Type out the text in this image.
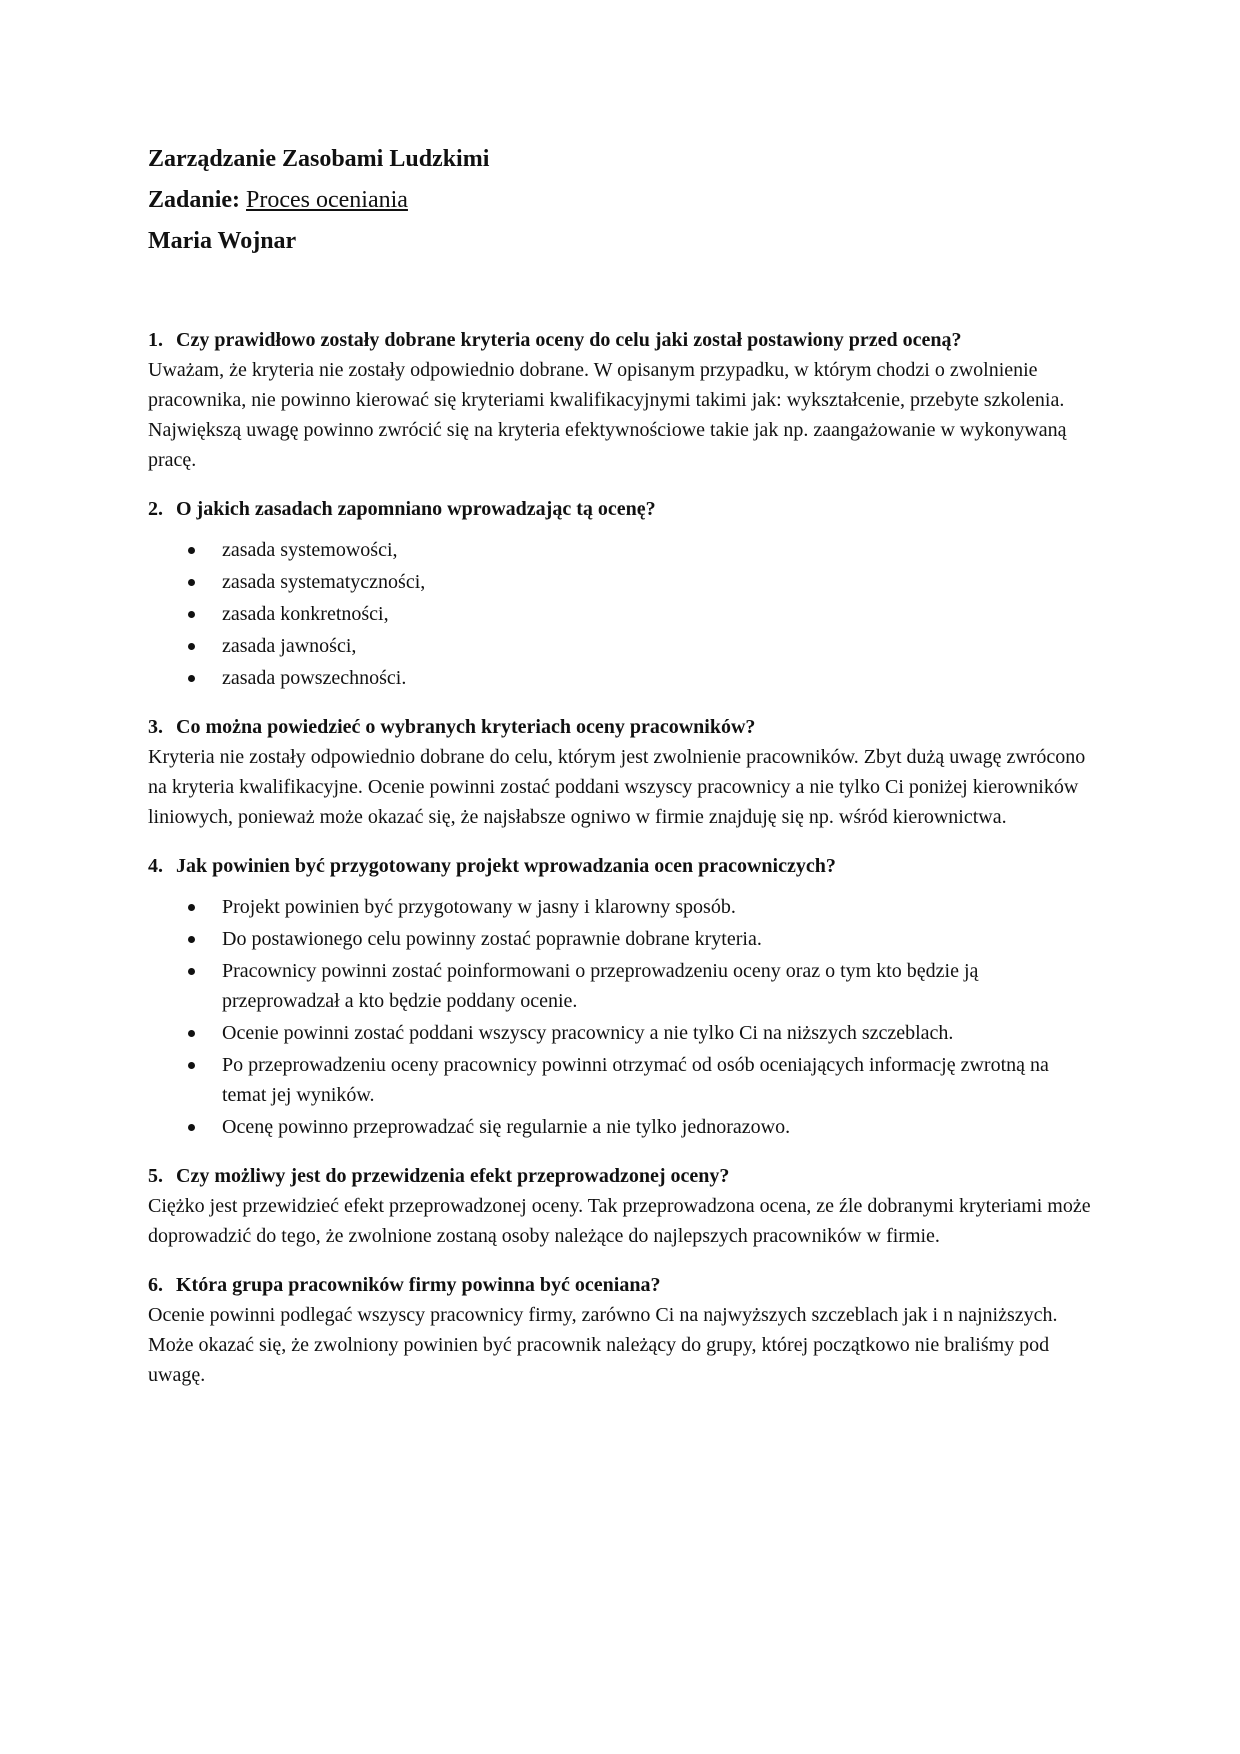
Zarządzanie Zasobami Ludzkimi
Zadanie: Proces oceniania
Maria Wojnar

1. Czy prawidłowo zostały dobrane kryteria oceny do celu jaki został postawiony przed oceną?

Uważam, że kryteria nie zostały odpowiednio dobrane. W opisanym przypadku, w którym chodzi o zwolnienie pracownika, nie powinno kierować się kryteriami kwalifikacyjnymi takimi jak: wykształcenie, przebyte szkolenia. Największą uwagę powinno zwrócić się na kryteria efektywnościowe takie jak np. zaangażowanie w wykonywaną pracę.

2. O jakich zasadach zapomniano wprowadzając tą ocenę?

zasada systemowości,
zasada systematyczności,
zasada konkretności,
zasada jawności,
zasada powszechności.

3. Co można powiedzieć o wybranych kryteriach oceny pracowników?

Kryteria nie zostały odpowiednio dobrane do celu, którym jest zwolnienie pracowników. Zbyt dużą uwagę zwrócono na kryteria kwalifikacyjne. Ocenie powinni zostać poddani wszyscy pracownicy a nie tylko Ci poniżej kierowników liniowych, ponieważ może okazać się, że najsłabsze ogniwo w firmie znajduję się np. wśród kierownictwa.

4. Jak powinien być przygotowany projekt wprowadzania ocen pracowniczych?

Projekt powinien być przygotowany w jasny i klarowny sposób.
Do postawionego celu powinny zostać poprawnie dobrane kryteria.
Pracownicy powinni zostać poinformowani o przeprowadzeniu oceny oraz o tym kto będzie ją przeprowadzał a kto będzie poddany ocenie.
Ocenie powinni zostać poddani wszyscy pracownicy a nie tylko Ci na niższych szczeblach.
Po przeprowadzeniu oceny pracownicy powinni otrzymać od osób oceniających informację zwrotną na temat jej wyników.
Ocenę powinno przeprowadzać się regularnie a nie tylko jednorazowo.

5. Czy możliwy jest do przewidzenia efekt przeprowadzonej oceny?

Ciężko jest przewidzieć efekt przeprowadzonej oceny. Tak przeprowadzona ocena, ze źle dobranymi kryteriami może doprowadzić do tego, że zwolnione zostaną osoby należące do najlepszych pracowników w firmie.

6. Która grupa pracowników firmy powinna być oceniana?

Ocenie powinni podlegać wszyscy pracownicy firmy, zarówno Ci na najwyższych szczeblach jak i n najniższych. Może okazać się, że zwolniony powinien być pracownik należący do grupy, której początkowo nie braliśmy pod uwagę.
